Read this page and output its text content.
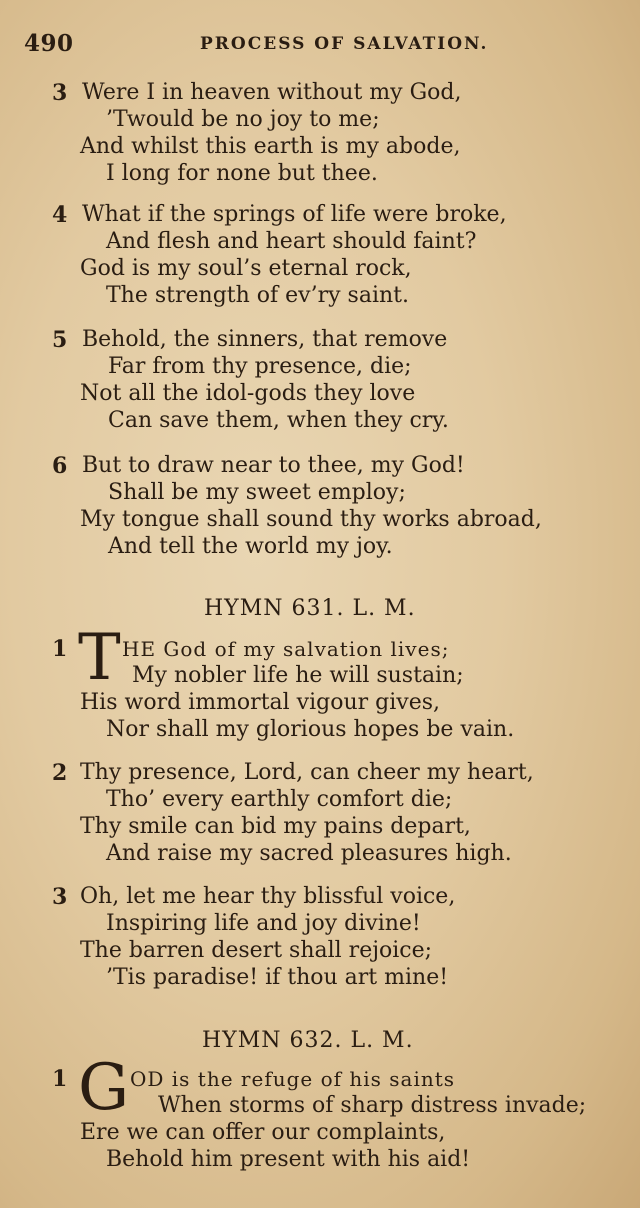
490	PROCESS OF SALVATION.
3 Were I in heaven without my God,
’Twould be no joy to me;
And whilst this earth is my abode,
I long for none but thee.
4 What if the springs of life were broke,
And flesh and heart should faint?
God is my soul’s eternal rock,
The strength of ev’ry saint.
5 Behold, the sinners, that remove
Far from thy presence, die;
Not all the idol-gods they love
Can save them, when they cry.
6 But to draw near to thee, my God!
Shall be my sweet employ;
My tongue shall sound thy works abroad,
And tell the world my joy.
HYMN 631. L. M.
1 T HE God of my salvation lives;
My nobler life he will sustain;
His word immortal vigour gives,
Nor shall my glorious hopes be vain.
2 Thy presence, Lord, can cheer my heart,
Tho’ every earthly comfort die;
Thy smile can bid my pains depart,
And raise my sacred pleasures high.
3 Oh, let me hear thy blissful voice,
Inspiring life and joy divine!
The barren desert shall rejoice;
’Tis paradise! if thou art mine!
HYMN 632. L. M.
1 G OD is the refuge of his saints
When storms of sharp distress invade;
Ere we can offer our complaints,
Behold him present with his aid!
